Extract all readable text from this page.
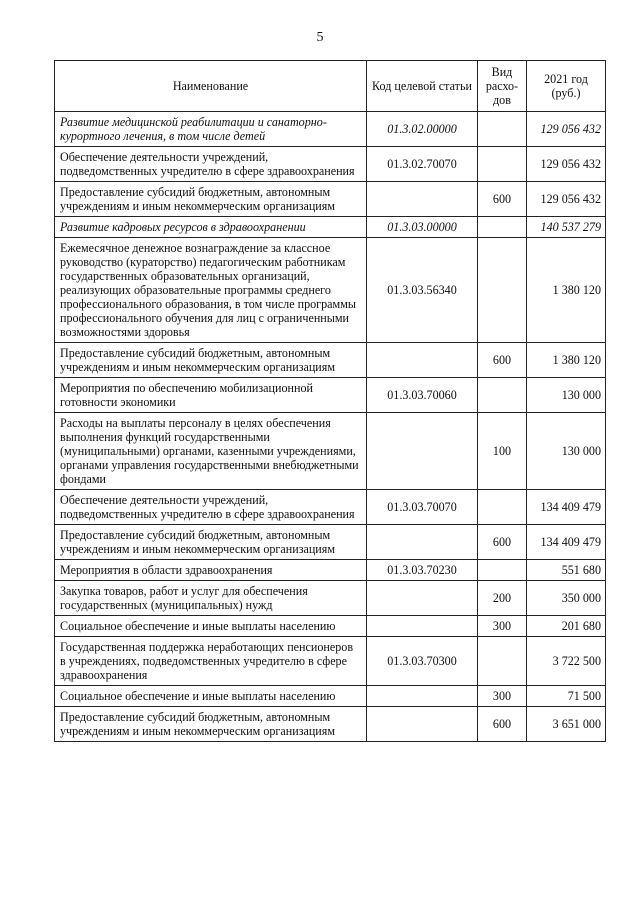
5
Наименование	Код целевой статьи	Вид расхо-дов	2021 год (руб.)
Развитие медицинской реабилитации и санаторно-курортного лечения, в том числе детей	01.3.02.00000		129 056 432
Обеспечение деятельности учреждений, подведомственных учредителю в сфере здравоохранения	01.3.02.70070		129 056 432
Предоставление субсидий бюджетным, автономным учреждениям и иным некоммерческим организациям		600	129 056 432
Развитие кадровых ресурсов в здравоохранении	01.3.03.00000		140 537 279
Ежемесячное денежное вознаграждение за классное руководство (кураторство) педагогическим работникам государственных образовательных организаций, реализующих образовательные программы среднего профессионального образования, в том числе программы профессионального обучения для лиц с ограниченными возможностями здоровья	01.3.03.56340		1 380 120
Предоставление субсидий бюджетным, автономным учреждениям и иным некоммерческим организациям		600	1 380 120
Мероприятия по обеспечению мобилизационной готовности экономики	01.3.03.70060		130 000
Расходы на выплаты персоналу в целях обеспечения выполнения функций государственными (муниципальными) органами, казенными учреждениями, органами управления государственными внебюджетными фондами		100	130 000
Обеспечение деятельности учреждений, подведомственных учредителю в сфере здравоохранения	01.3.03.70070		134 409 479
Предоставление субсидий бюджетным, автономным учреждениям и иным некоммерческим организациям		600	134 409 479
Мероприятия в области здравоохранения	01.3.03.70230		551 680
Закупка товаров, работ и услуг для обеспечения государственных (муниципальных) нужд		200	350 000
Социальное обеспечение и иные выплаты населению		300	201 680
Государственная поддержка неработающих пенсионеров в учреждениях, подведомственных учредителю в сфере здравоохранения	01.3.03.70300		3 722 500
Социальное обеспечение и иные выплаты населению		300	71 500
Предоставление субсидий бюджетным, автономным учреждениям и иным некоммерческим организациям		600	3 651 000
